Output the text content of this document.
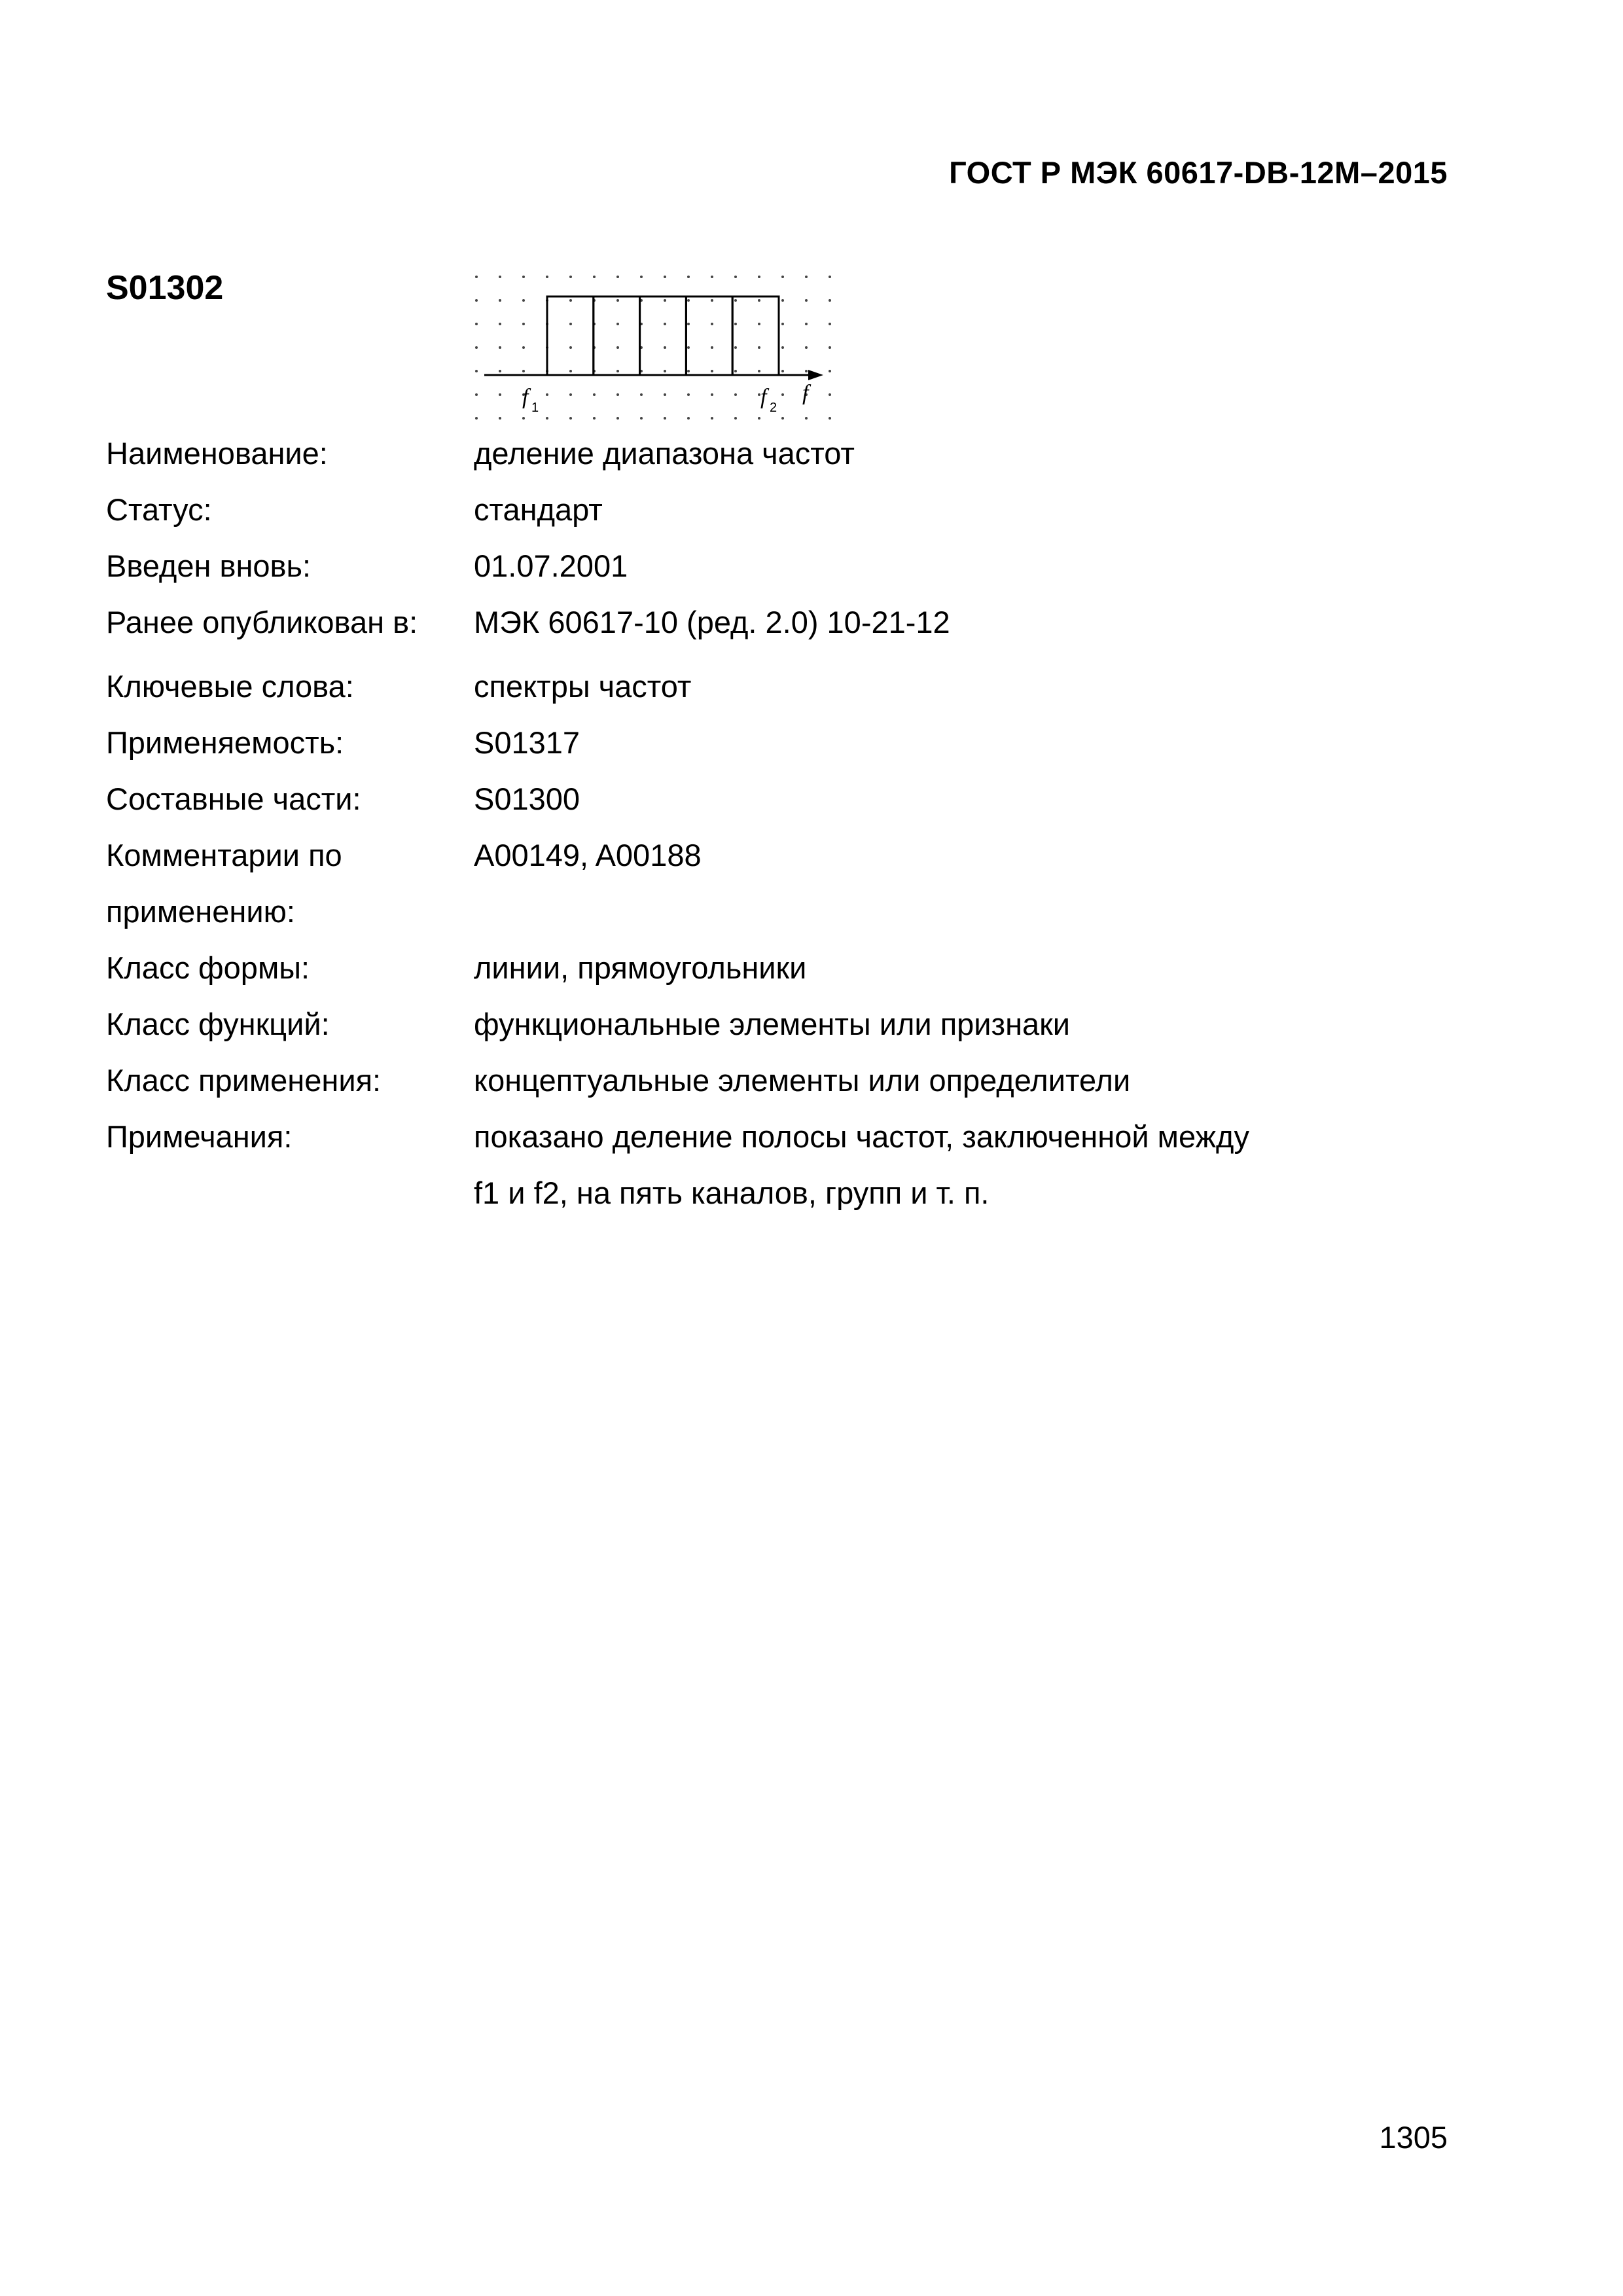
ГОСТ Р МЭК 60617-DB-12M–2015
S01302
f 1	f 2
f
Наименование:	деление диапазона частот
Статус:	стандарт
Введен вновь:	01.07.2001
Ранее опубликован в:	МЭК 60617-10 (ред. 2.0) 10-21-12
Ключевые слова:	спектры частот
Применяемость:	S01317
Составные части:	S01300
Комментарии по	A00149, A00188
применению:
Класс формы:	линии, прямоугольники
Класс функций:	функциональные элементы или признаки
Класс применения:	концептуальные элементы или определители
Примечания:	показано деление полосы частот, заключенной между
f1 и f2, на пять каналов, групп и т. п.
1305
